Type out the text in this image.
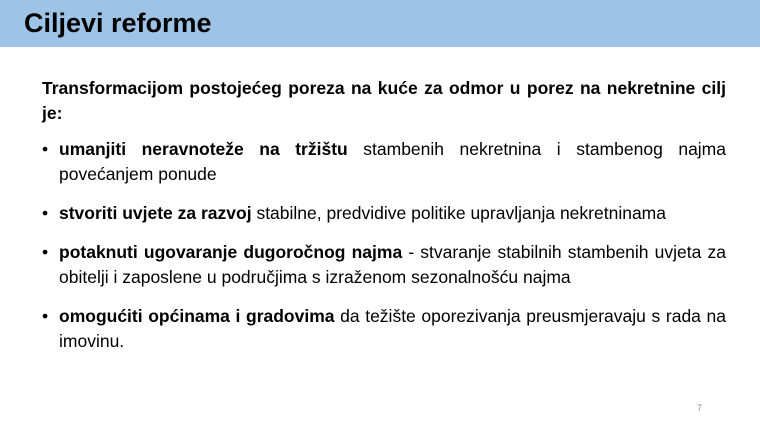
Ciljevi reforme

Transformacijom postojećeg poreza na kuće za odmor u porez na nekretnine cilj je:

• umanjiti neravnoteže na tržištu stambenih nekretnina i stambenog najma povećanjem ponude
• stvoriti uvjete za razvoj stabilne, predvidive politike upravljanja nekretninama
• potaknuti ugovaranje dugoročnog najma - stvaranje stabilnih stambenih uvjeta za obitelji i zaposlene u područjima s izraženom sezonalnošću najma
• omogućiti općinama i gradovima da težište oporezivanja preusmjeravaju s rada na imovinu.
7
